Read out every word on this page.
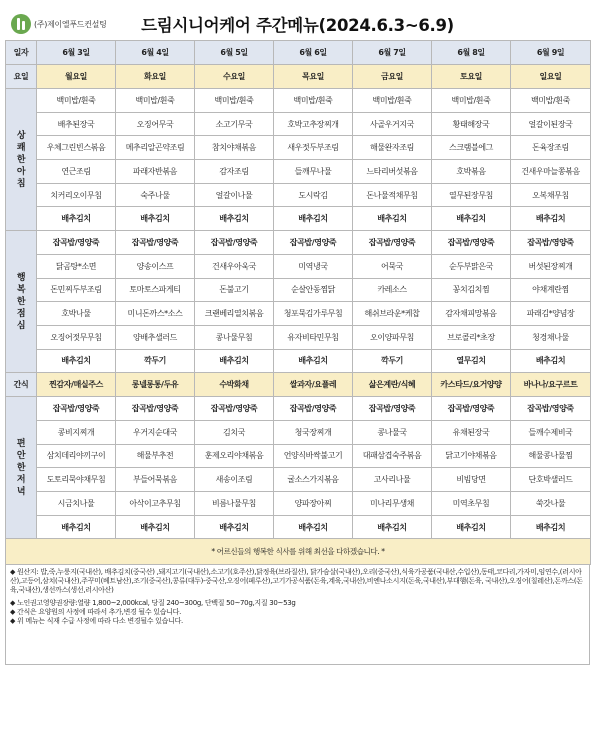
(주)제이엘푸드컨설팅	드림시니어케어 주간메뉴(2024.6.3~6.9)
일자	6월 3일	6월 4일	6월 5일	6월 6일	6월 7일	6월 8일	6월 9일
요일	월요일	화요일	수요일	목요일	금요일	토요일	일요일

상
쾌
한
아
침	백미밥/흰죽	백미밥/흰죽	백미밥/흰죽	백미밥/흰죽	백미밥/흰죽	백미밥/흰죽	백미밥/흰죽
	배추된장국	오징어무국	소고기무국	호박고추장찌개	사골우거지국	황태해장국	얼갈이된장국
	우체그린빈스볶음	메추리알곤약조림	참치야채볶음	새우젓두부조림	해물완자조림	스크램블에그	돈육장조림
	연근조림	파래자반볶음	감자조림	들깨무나물	느타리버섯볶음	호박볶음	건새우마늘쫑볶음
	치커리오이무침	숙주나물	얼갈이나물	도시락김	돈나물적채무침	열무된장무침	오복채무침
	배추김치	배추김치	배추김치	배추김치	배추김치	배추김치	배추김치

행
복
한
점
심	잡곡밥/영양죽	잡곡밥/영양죽	잡곡밥/영양죽	잡곡밥/영양죽	잡곡밥/영양죽	잡곡밥/영양죽	잡곡밥/영양죽
	닭곰탕*소면	양송이스프	건새우아욱국	미역냉국	어묵국	순두부맑은국	버섯된장찌개
	돈민찌두부조림	토마토스파게티	돈불고기	순살안동찜닭	카레소스	꽁치김치찜	야채계란찜
	호박나물	미니돈까스*소스	크랜베리열치볶음	청포묵김가루무침	해쉬브라운*케찹	감자채피망볶음	파래김*양념장
	오징어젓무무침	양배추샐러드	콩나물무침	유자비타민무침	오이양파무침	브로콜리*초장	청경채나물
	배추김치	깍두기	배추김치	배추김치	깍두기	열무김치	배추김치
간식	찐감자/매실주스	롱넬롱통/두유	수박화채	쌀과자/요플레	삶은계란/식혜	카스타드/요거양양	바나나/요구르트

편
안
한
저
녁	잡곡밥/영양죽	잡곡밥/영양죽	잡곡밥/영양죽	잡곡밥/영양죽	잡곡밥/영양죽	잡곡밥/영양죽	잡곡밥/영양죽
	콩비지찌개	우거지순대국	김치국	청국장찌개	콩나물국	유채된장국	들깨수제비국
	삼치데리야끼구이	해물부추전	훈제오리야채볶음	언양식바싹불고기	대패삼겹숙주볶음	닭고기야채볶음	해물콩나물찜
	도토리묵야채무침	부들어묵볶음	새송이조림	굴소스가지볶음	고사리나물	비빔당면	단호박샐러드
	시금치나물	아삭이고추무침	비름나물무침	양파장아찌	미나리무생채	미역초무침	쑥갓나물
	배추김치	배추김치	배추김치	배추김치	배추김치	배추김치	배추김치
* 어르신들의 행복한 식사를 위해 최선을 다하겠습니다. *							

◆ 원산지: 밥,죽,누룽지(국내산), 배추김치(중국산) ,돼지고기(국내산),소고기(호주산),닭정육(브라질산), 닭가슴살(국내산),오리(중국산),식육가공품(국내산,수입산),동태,코다리,가자미,임연수,(러시아산),고등어,삼치(국내산),주꾸미(베트남산),조기(중국산),콩류(대두)-중국산,오징어(페루산),고기가공식품(돈육,계육,국내산),비엔나소시지(돈육,국내산),부대햄(돈육, 국내산),오징어(칠레산),돈까스(돈육,국내산),생선까스(생선,러시아산)

◆ 노인권고영양권장량:열량 1,800~2,000kcal, 당질 240~300g, 단백질 50~70g,지질 30~53g

◆ 간식은 요양원의 사정에 따라서 추가,변경 될수 있습니다.

◆ 위 메뉴는 식재 수급 사정에 따라 다소 변경될수 있습니다.
